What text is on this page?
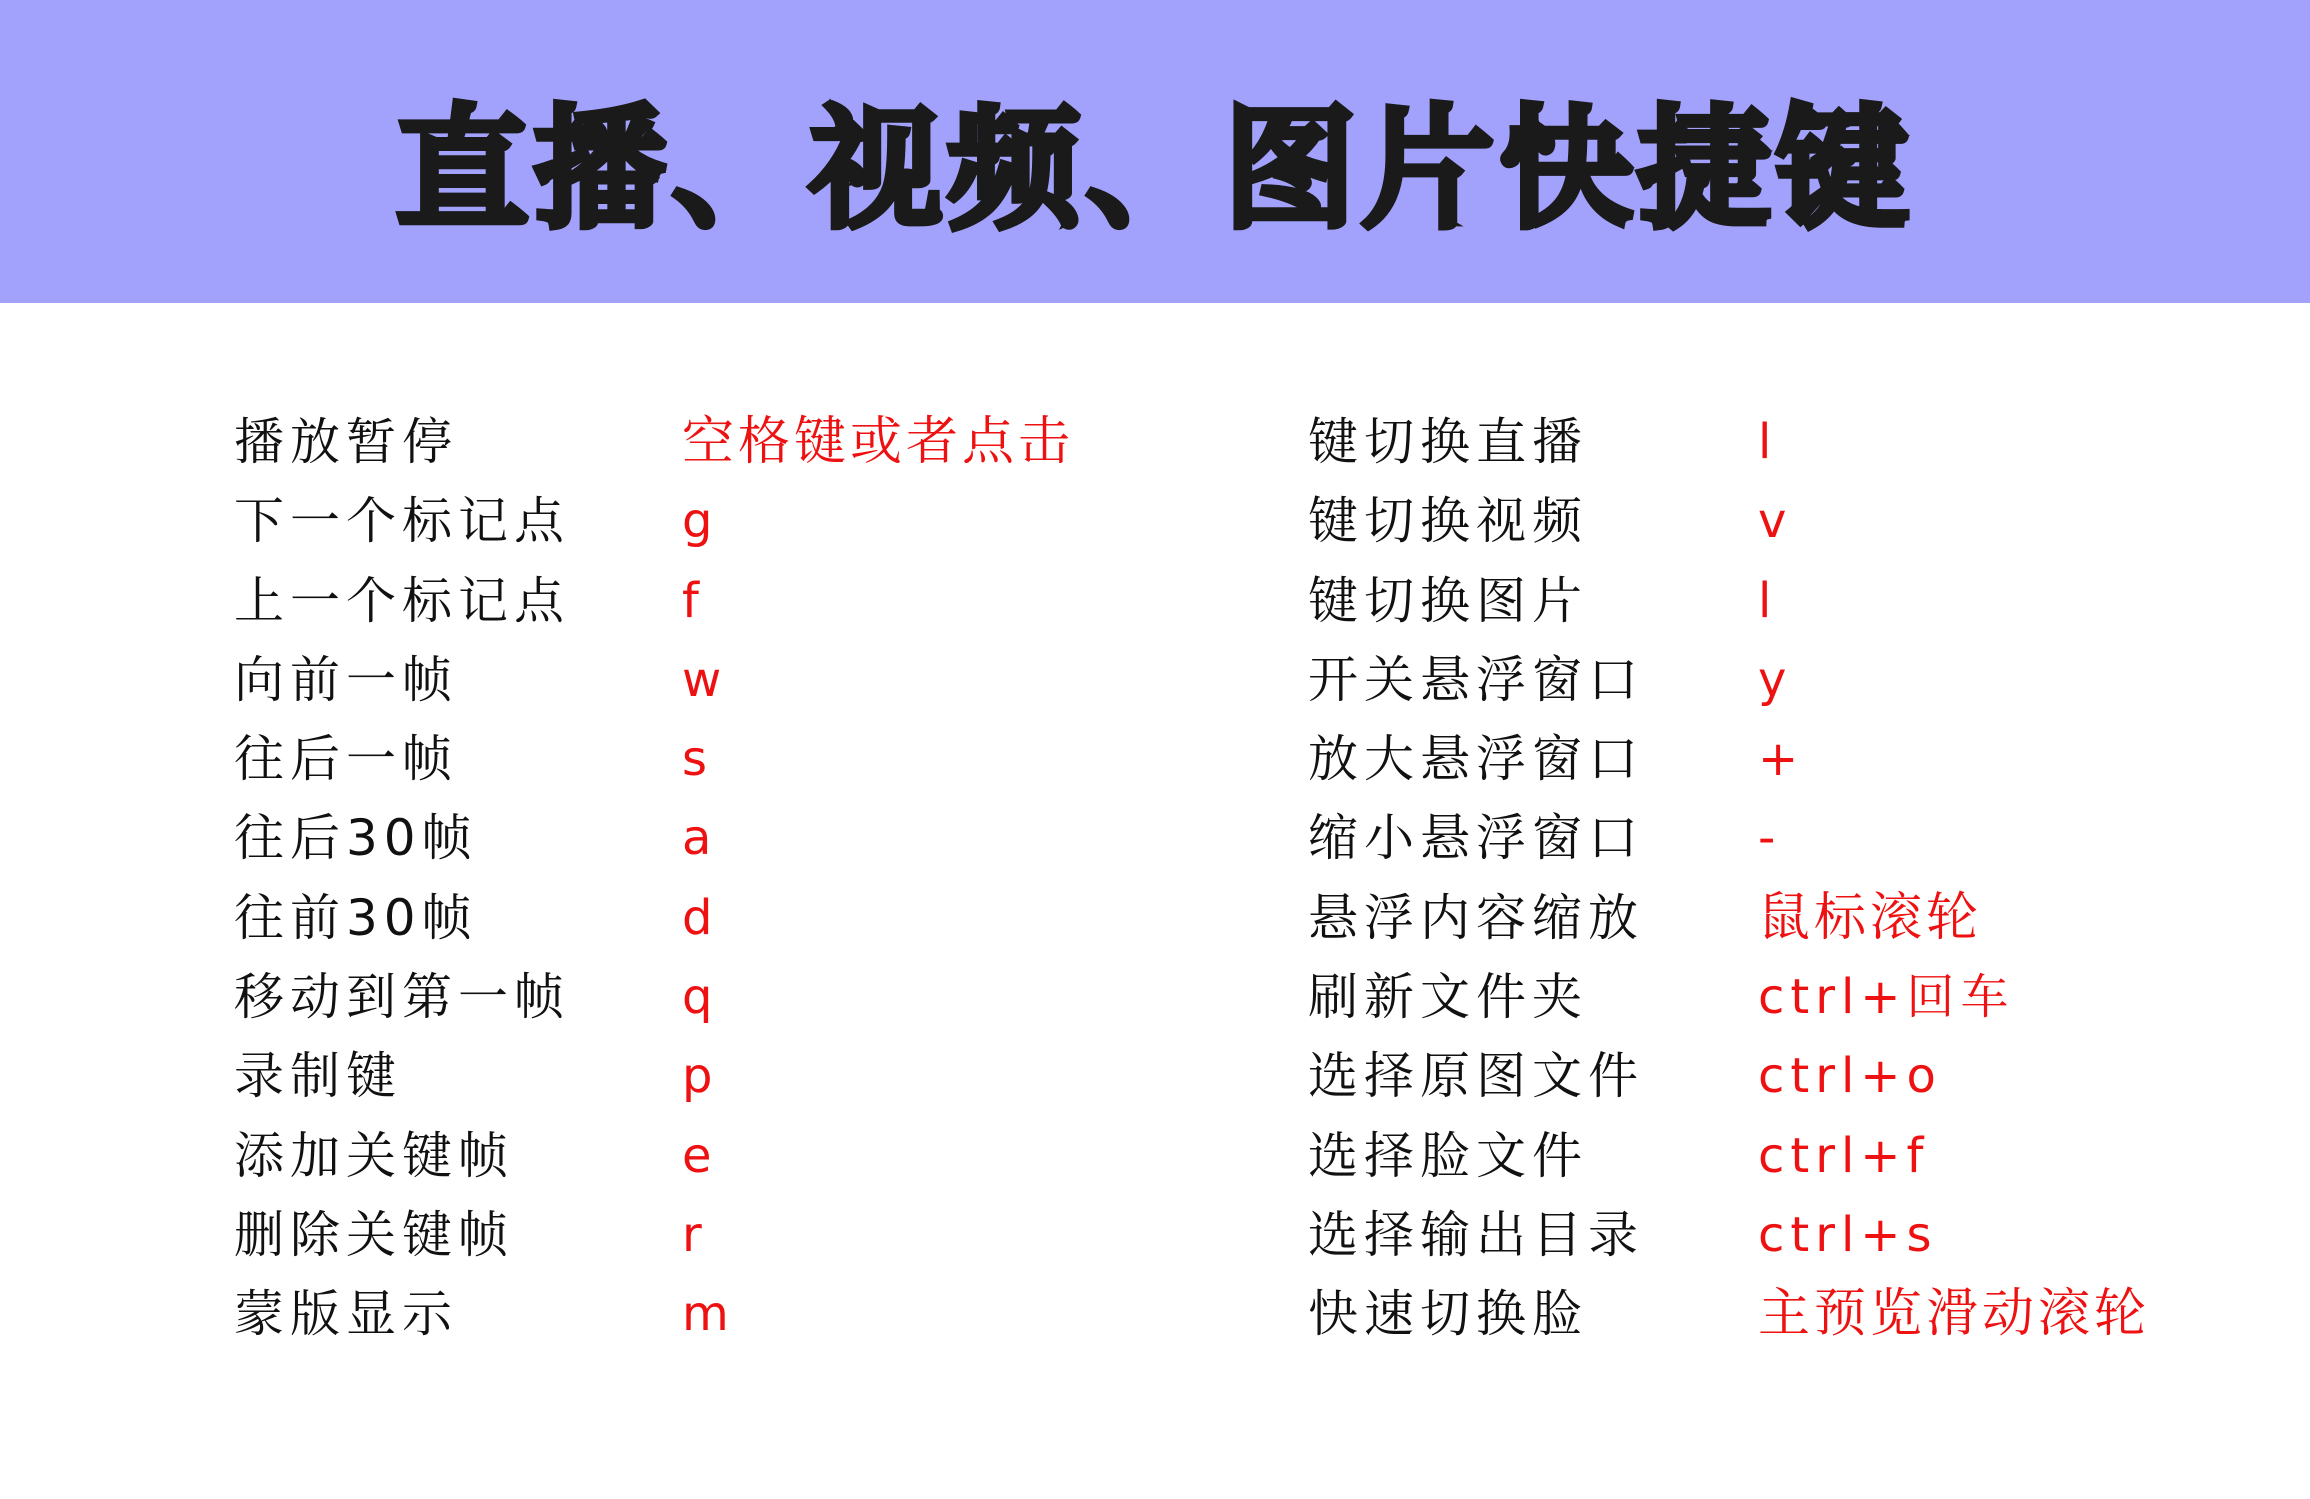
直播、视频、图片快捷键
播放暂停	空格键或者点击
下一个标记点 g
上一个标记点 f
向前一帧	w
往后一帧	s
往后30帧	a
往前30帧	d
移动到第一帧 q
录制键	p
添加关键帧	e
删除关键帧	r
蒙版显示	m
键切换直播	l
键切换视频	v
键切换图片	l
开关悬浮窗口 y
放大悬浮窗口 +
缩小悬浮窗口 -
悬浮内容缩放 鼠标滚轮
刷新文件夹	ctrl+回车
选择原图文件 ctrl+o
选择脸文件	ctrl+f
选择输出目录 ctrl+s
快速切换脸	主预览滑动滚轮
